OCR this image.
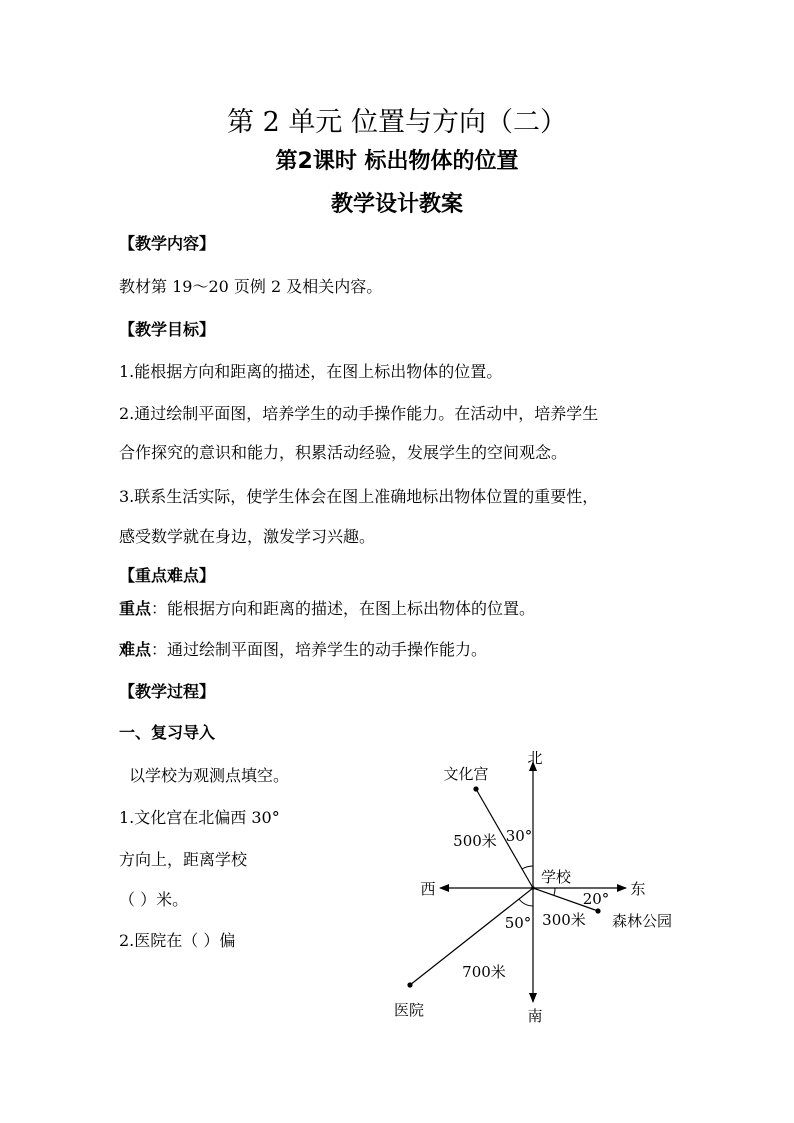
第 2 单元 位置与方向（二）
第2课时 标出物体的位置
教学设计教案
【教学内容】
教材第 19～20 页例 2 及相关内容。
【教学目标】
1.能根据方向和距离的描述，在图上标出物体的位置。
2.通过绘制平面图，培养学生的动手操作能力。在活动中，培养学生
合作探究的意识和能力，积累活动经验，发展学生的空间观念。
3.联系生活实际，使学生体会在图上准确地标出物体位置的重要性，
感受数学就在身边，激发学习兴趣。
【重点难点】
重点：能根据方向和距离的描述，在图上标出物体的位置。
难点：通过绘制平面图，培养学生的动手操作能力。
【教学过程】
一、复习导入
以学校为观测点填空。
1.文化宫在北偏西 30°
方向上，距离学校
（ ）米。
2.医院在（ ）偏
北
南
东
西
学校
文化宫
医院
森林公园
500米
700米
300米
30°
50°
20°
